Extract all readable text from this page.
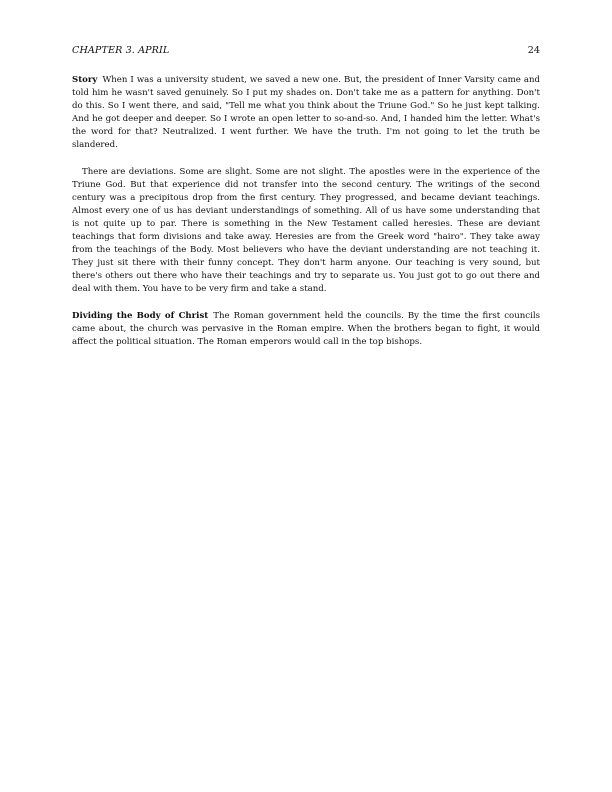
CHAPTER 3. APRIL	24

Story When I was a university student, we saved a new one. But, the president of Inner Varsity came and told him he wasn't saved genuinely. So I put my shades on. Don't take me as a pattern for anything. Don't do this. So I went there, and said, "Tell me what you think about the Triune God." So he just kept talking. And he got deeper and deeper. So I wrote an open letter to so-and-so. And, I handed him the letter. What's the word for that? Neutralized. I went further. We have the truth. I'm not going to let the truth be slandered.

There are deviations. Some are slight. Some are not slight. The apostles were in the experience of the Triune God. But that experience did not transfer into the second century. The writings of the second century was a precipitous drop from the first century. They progressed, and became deviant teachings. Almost every one of us has deviant understandings of something. All of us have some understanding that is not quite up to par. There is something in the New Testament called heresies. These are deviant teachings that form divisions and take away. Heresies are from the Greek word "hairo". They take away from the teachings of the Body. Most believers who have the deviant understanding are not teaching it. They just sit there with their funny concept. They don't harm anyone. Our teaching is very sound, but there's others out there who have their teachings and try to separate us. You just got to go out there and deal with them. You have to be very firm and take a stand.

Dividing the Body of Christ The Roman government held the councils. By the time the first councils came about, the church was pervasive in the Roman empire. When the brothers began to fight, it would affect the political situation. The Roman emperors would call in the top bishops.
